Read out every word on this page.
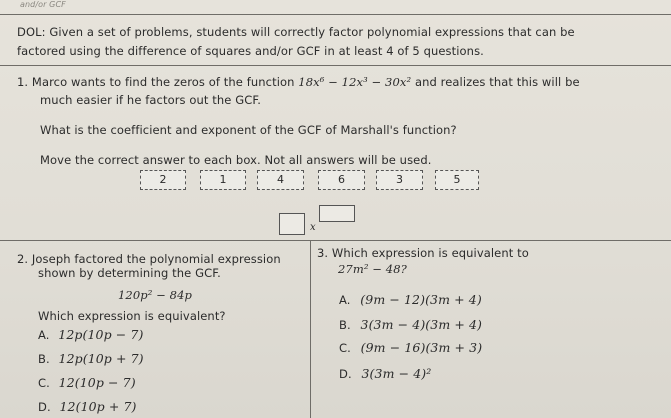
and/or GCF
DOL: Given a set of problems, students will correctly factor polynomial expressions that can be
factored using the difference of squares and/or GCF in at least 4 of 5 questions.
1. Marco wants to find the zeros of the function 18x⁶ − 12x³ − 30x² and realizes that this will be
much easier if he factors out the GCF.
What is the coefficient and exponent of the GCF of Marshall's function?
Move the correct answer to each box. Not all answers will be used.
2	1	4	6	3	5
x
2. Joseph factored the polynomial expression
shown by determining the GCF.
120p² − 84p
Which expression is equivalent?
A. 12p(10p − 7)
B. 12p(10p + 7)
C. 12(10p − 7)
D. 12(10p + 7)
3. Which expression is equivalent to
27m² − 48?
A. (9m − 12)(3m + 4)
B. 3(3m − 4)(3m + 4)
C. (9m − 16)(3m + 3)
D. 3(3m − 4)²
